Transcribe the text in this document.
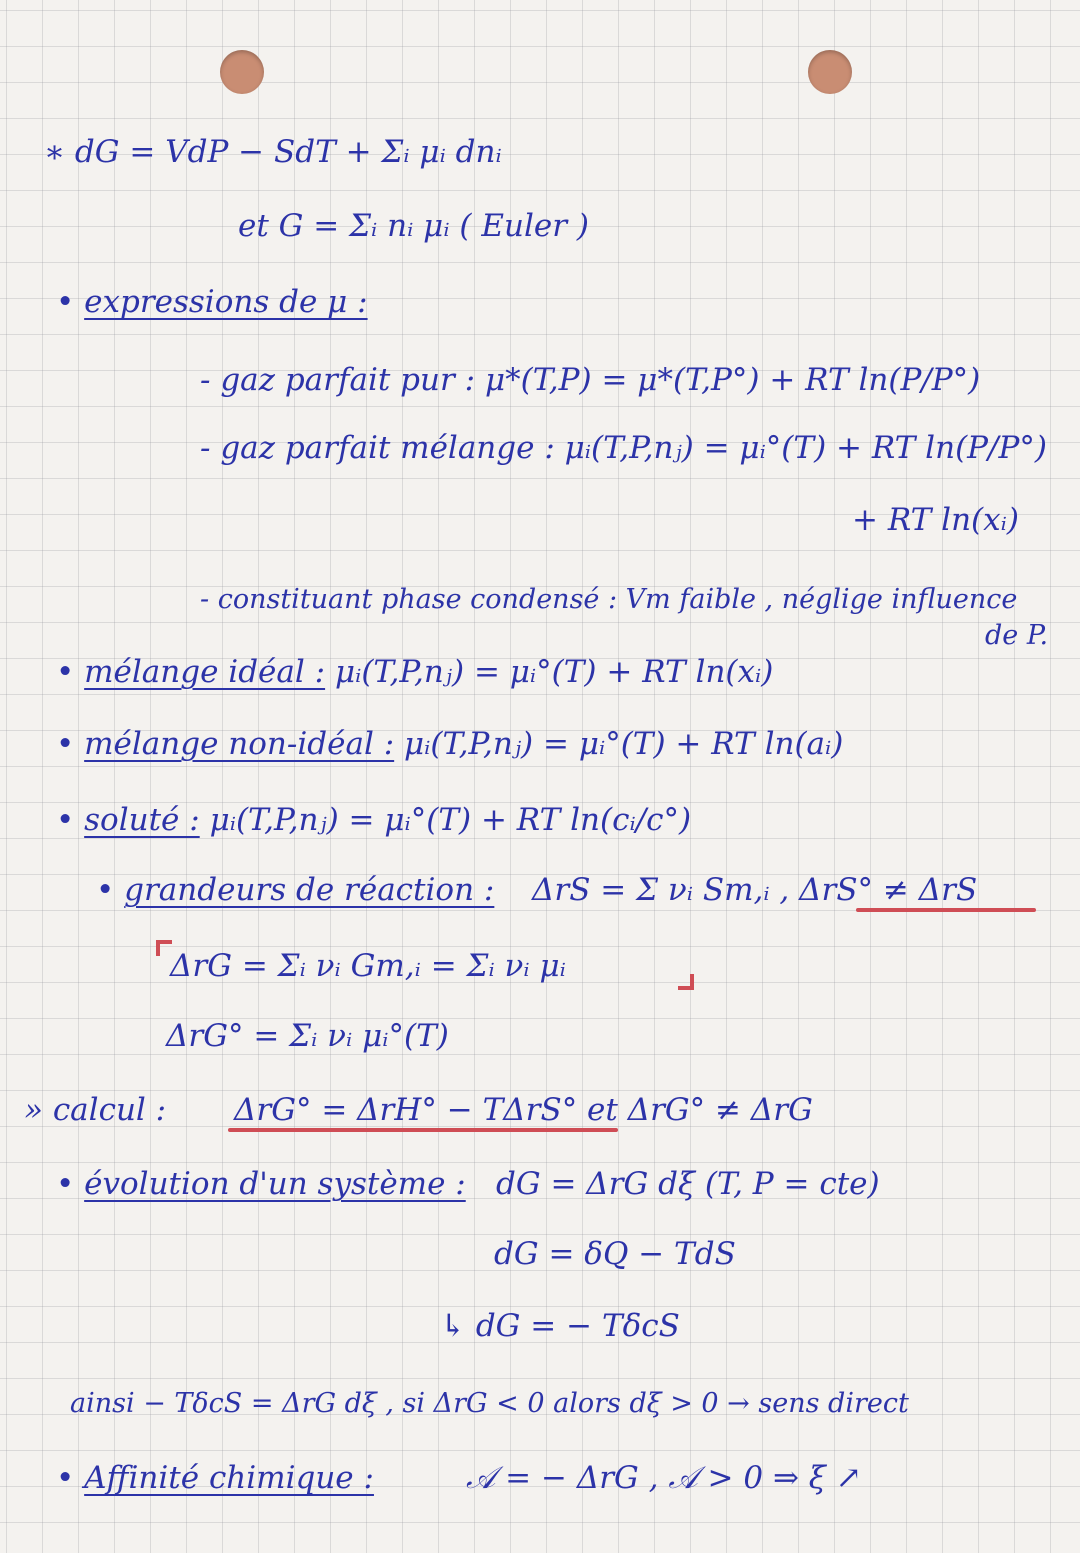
∗ dG = VdP − SdT + Σᵢ μᵢ dnᵢ
et G = Σᵢ nᵢ μᵢ ( Euler )
• expressions de μ :
- gaz parfait pur : μ*(T,P) = μ*(T,P°) + RT ln(P/P°)
- gaz parfait mélange : μᵢ(T,P,nⱼ) = μᵢ°(T) + RT ln(P/P°)
+ RT ln(xᵢ)
- constituant phase condensé : Vm faible , néglige influence
de P.
• mélange idéal : μᵢ(T,P,nⱼ) = μᵢ°(T) + RT ln(xᵢ)
• mélange non-idéal : μᵢ(T,P,nⱼ) = μᵢ°(T) + RT ln(aᵢ)
• soluté : μᵢ(T,P,nⱼ) = μᵢ°(T) + RT ln(cᵢ/c°)
• grandeurs de réaction : ΔrS = Σ νᵢ Sm,ᵢ , ΔrS° ≠ ΔrS
ΔrG = Σᵢ νᵢ Gm,ᵢ = Σᵢ νᵢ μᵢ
ΔrG° = Σᵢ νᵢ μᵢ°(T)
» calcul : ΔrG° = ΔrH° − TΔrS° et ΔrG° ≠ ΔrG
• évolution d'un système : dG = ΔrG dξ (T, P = cte)
dG = δQ − TdS
↳ dG = − TδcS
ainsi − TδcS = ΔrG dξ , si ΔrG < 0 alors dξ > 0 → sens direct
• Affinité chimique :	𝒜 = − ΔrG , 𝒜 > 0 ⇒ ξ ↗
